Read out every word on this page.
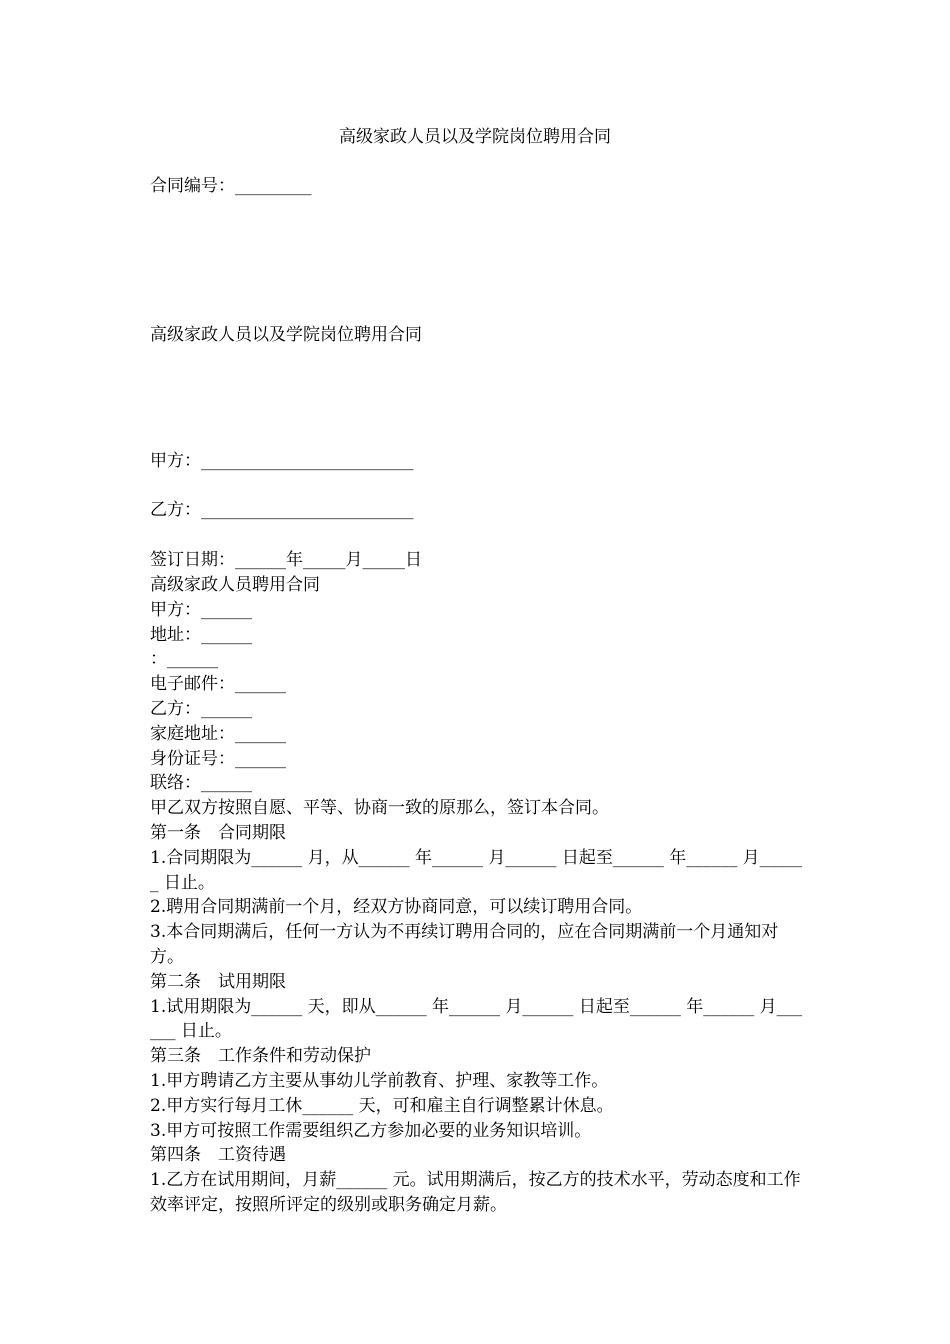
高级家政人员以及学院岗位聘用合同
合同编号：_________
高级家政人员以及学院岗位聘用合同
甲方：_________________________
乙方：_________________________
签订日期：______年_____月_____日

高级家政人员聘用合同

甲方：______

地址：______

：______

电子邮件：______

乙方：______

家庭地址：______

身份证号：______

联络：______

甲乙双方按照自愿、平等、协商一致的原那么，签订本合同。

第一条　合同期限

1.合同期限为______ 月，从______ 年______ 月______ 日起至______ 年______ 月______ 日止。

2.聘用合同期满前一个月，经双方协商同意，可以续订聘用合同。

3.本合同期满后，任何一方认为不再续订聘用合同的，应在合同期满前一个月通知对方。

第二条　试用期限

1.试用期限为______ 天，即从______ 年______ 月______ 日起至______ 年______ 月______ 日止。

第三条　工作条件和劳动保护

1.甲方聘请乙方主要从事幼儿学前教育、护理、家教等工作。

2.甲方实行每月工休______ 天，可和雇主自行调整累计休息。

3.甲方可按照工作需要组织乙方参加必要的业务知识培训。

第四条　工资待遇

1.乙方在试用期间，月薪______ 元。试用期满后，按乙方的技术水平，劳动态度和工作效率评定，按照所评定的级别或职务确定月薪。
